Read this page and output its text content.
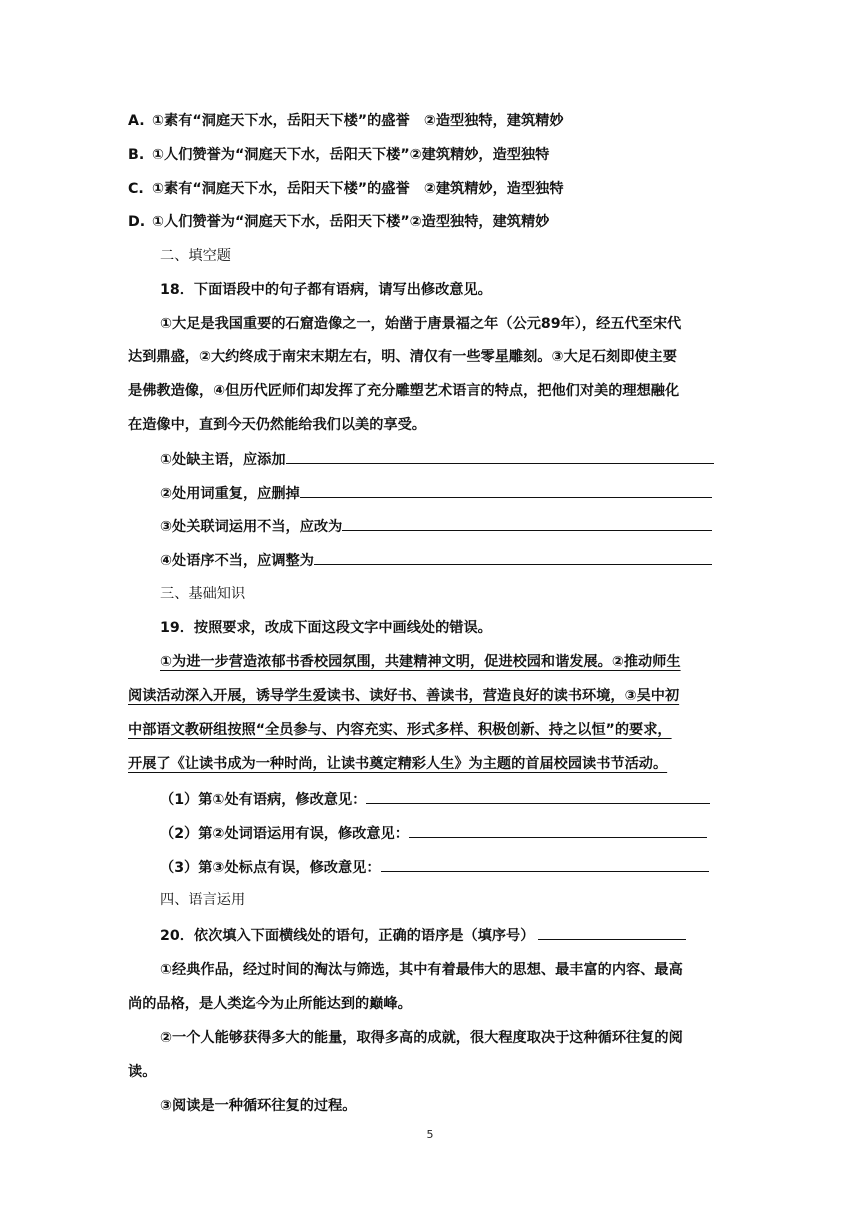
A. ①素有“洞庭天下水，岳阳天下楼”的盛誉　②造型独特，建筑精妙
B. ①人们赞誉为“洞庭天下水，岳阳天下楼”②建筑精妙，造型独特
C. ①素有“洞庭天下水，岳阳天下楼”的盛誉　②建筑精妙，造型独特
D. ①人们赞誉为“洞庭天下水，岳阳天下楼”②造型独特，建筑精妙
二、填空题
18．下面语段中的句子都有语病，请写出修改意见。
①大足是我国重要的石窟造像之一，始凿于唐景福之年（公元89年），经五代至宋代
达到鼎盛，②大约终成于南宋末期左右，明、清仅有一些零星雕刻。③大足石刻即使主要
是佛教造像，④但历代匠师们却发挥了充分雕塑艺术语言的特点，把他们对美的理想融化
在造像中，直到今天仍然能给我们以美的享受。
①处缺主语，应添加
②处用词重复，应删掉
③处关联词运用不当，应改为
④处语序不当，应调整为
三、基础知识
19．按照要求，改成下面这段文字中画线处的错误。
①为进一步营造浓郁书香校园氛围，共建精神文明，促进校园和谐发展。②推动师生
阅读活动深入开展，诱导学生爱读书、读好书、善读书，营造良好的读书环境，③吴中初
中部语文教研组按照“全员参与、内容充实、形式多样、积极创新、持之以恒”的要求，
开展了《让读书成为一种时尚，让读书奠定精彩人生》为主题的首届校园读书节活动。
（1）第①处有语病，修改意见：
（2）第②处词语运用有误，修改意见：
（3）第③处标点有误，修改意见：
四、语言运用
20．依次填入下面横线处的语句，正确的语序是（填序号）
①经典作品，经过时间的淘汰与筛选，其中有着最伟大的思想、最丰富的内容、最高
尚的品格，是人类迄今为止所能达到的巅峰。
②一个人能够获得多大的能量，取得多高的成就，很大程度取决于这种循环往复的阅
读。
③阅读是一种循环往复的过程。
5
